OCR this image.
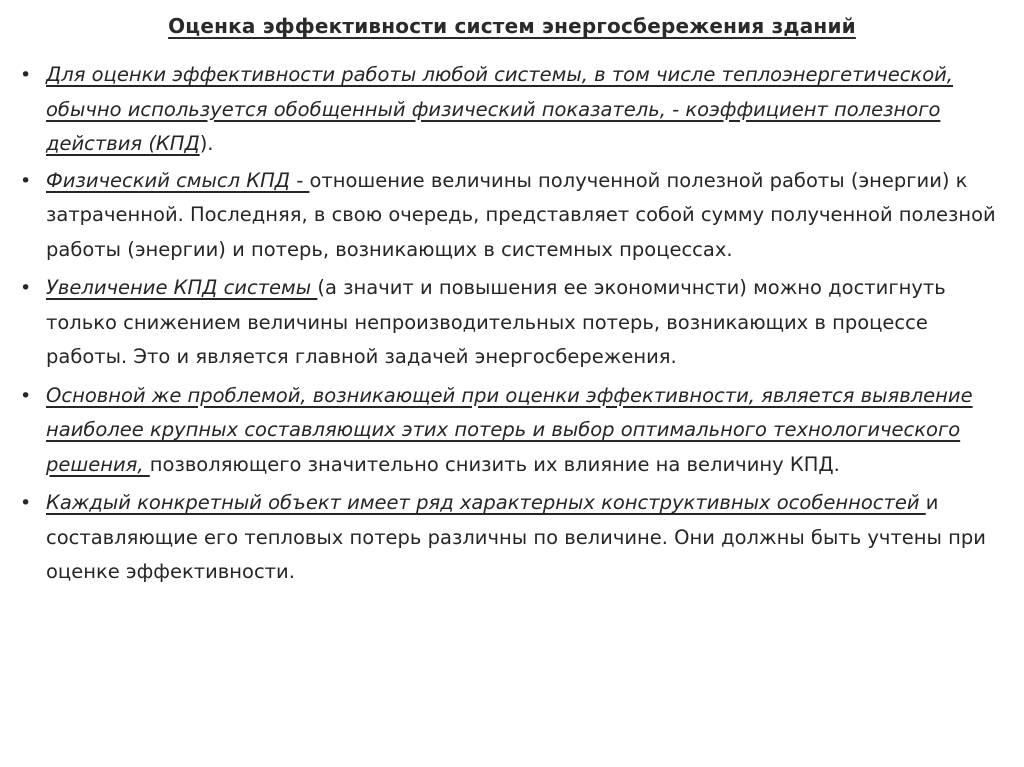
Оценка эффективности систем энергосбережения зданий
• Для оценки эффективности работы любой системы, в том числе теплоэнергетической, обычно используется обобщенный физический показатель, - коэффициент полезного действия (КПД).
• Физический смысл КПД - отношение величины полученной полезной работы (энергии) к затраченной. Последняя, в свою очередь, представляет собой сумму полученной полезной работы (энергии) и потерь, возникающих в системных процессах.
• Увеличение КПД системы (а значит и повышения ее экономичнсти) можно достигнуть только снижением величины непроизводительных потерь, возникающих в процессе работы. Это и является главной задачей энергосбережения.
• Основной же проблемой, возникающей при оценки эффективности, является выявление наиболее крупных составляющих этих потерь и выбор оптимального технологического решения, позволяющего значительно снизить их влияние на величину КПД.
• Каждый конкретный объект имеет ряд характерных конструктивных особенностей и составляющие его тепловых потерь различны по величине. Они должны быть учтены при оценке эффективности.
